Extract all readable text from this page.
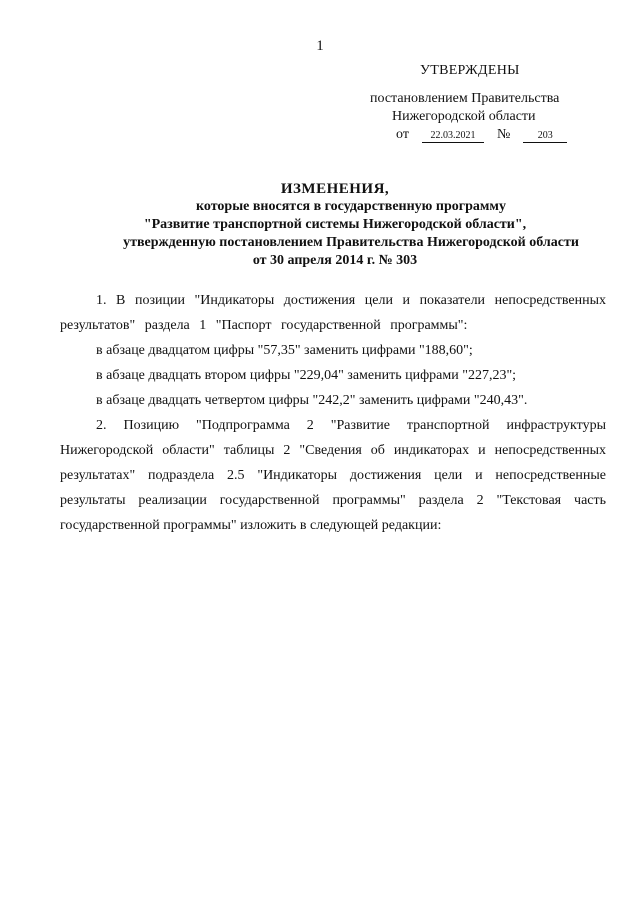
1
УТВЕРЖДЕНЫ
постановлением Правительства
Нижегородской области
от 22.03.2021 №	203
ИЗМЕНЕНИЯ,
которые вносятся в государственную программу
"Развитие транспортной системы Нижегородской области",
утвержденную постановлением Правительства Нижегородской области
от 30 апреля 2014 г. № 303

1. В позиции "Индикаторы достижения цели и показатели непосредственных результатов" раздела 1 "Паспорт государственной программы":

в абзаце двадцатом цифры "57,35" заменить цифрами "188,60";

в абзаце двадцать втором цифры "229,04" заменить цифрами "227,23";

в абзаце двадцать четвертом цифры "242,2" заменить цифрами "240,43".

2. Позицию "Подпрограмма 2 "Развитие транспортной инфраструктуры Нижегородской области" таблицы 2 "Сведения об индикаторах и непосредственных результатах" подраздела 2.5 "Индикаторы достижения цели и непосредственные результаты реализации государственной программы" раздела 2 "Текстовая часть государственной программы" изложить в следующей редакции:
